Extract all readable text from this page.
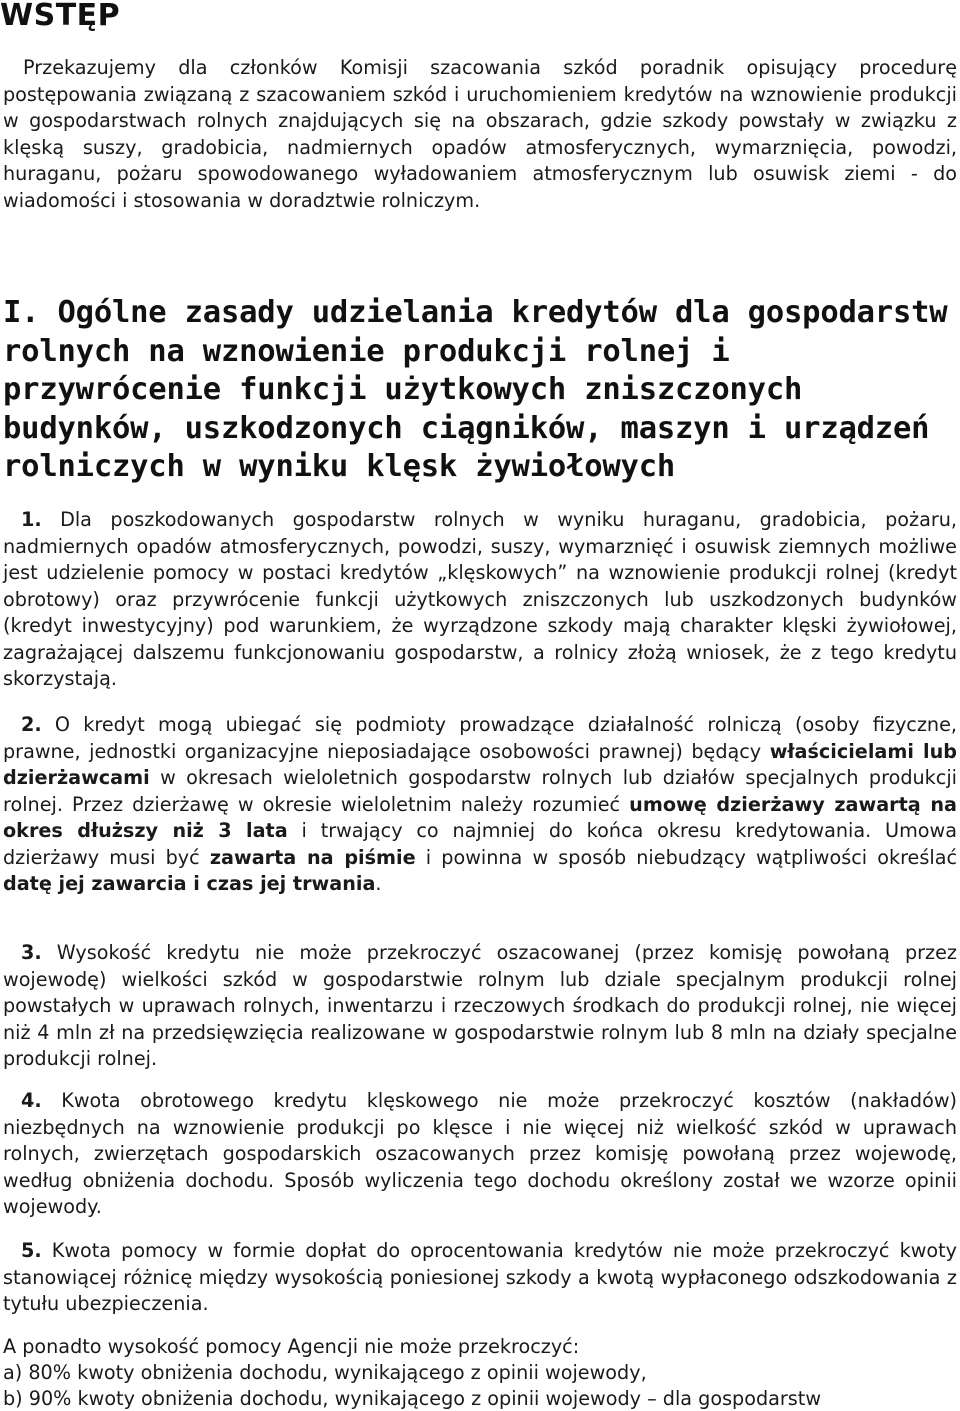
WSTĘP

Przekazujemy dla członków Komisji szacowania szkód poradnik opisujący procedurę postępowania związaną z szacowaniem szkód i uruchomieniem kredytów na wznowienie produkcji w gospodarstwach rolnych znajdujących się na obszarach, gdzie szkody powstały w związku z klęską suszy, gradobicia, nadmiernych opadów atmosferycznych, wymarznięcia, powodzi, huraganu, pożaru spowodowanego wyładowaniem atmosferycznym lub osuwisk ziemi - do wiadomości i stosowania w doradztwie rolniczym.

I. Ogólne zasady udzielania kredytów dla gospodarstw rolnych na wznowienie produkcji rolnej i przywrócenie funkcji użytkowych zniszczonych budynków, uszkodzonych ciągników, maszyn i urządzeń rolniczych w wyniku klęsk żywiołowych

1. Dla poszkodowanych gospodarstw rolnych w wyniku huraganu, gradobicia, pożaru, nadmiernych opadów atmosferycznych, powodzi, suszy, wymarznięć i osuwisk ziemnych możliwe jest udzielenie pomocy w postaci kredytów „klęskowych” na wznowienie produkcji rolnej (kredyt obrotowy) oraz przywrócenie funkcji użytkowych zniszczonych lub uszkodzonych budynków (kredyt inwestycyjny) pod warunkiem, że wyrządzone szkody mają charakter klęski żywiołowej, zagrażającej dalszemu funkcjonowaniu gospodarstw, a rolnicy złożą wniosek, że z tego kredytu skorzystają.

2. O kredyt mogą ubiegać się podmioty prowadzące działalność rolniczą (osoby fizyczne, prawne, jednostki organizacyjne nieposiadające osobowości prawnej) będący właścicielami lub dzierżawcami w okresach wieloletnich gospodarstw rolnych lub działów specjalnych produkcji rolnej. Przez dzierżawę w okresie wieloletnim należy rozumieć umowę dzierżawy zawartą na okres dłuższy niż 3 lata i trwający co najmniej do końca okresu kredytowania. Umowa dzierżawy musi być zawarta na piśmie i powinna w sposób niebudzący wątpliwości określać datę jej zawarcia i czas jej trwania.

3. Wysokość kredytu nie może przekroczyć oszacowanej (przez komisję powołaną przez wojewodę) wielkości szkód w gospodarstwie rolnym lub dziale specjalnym produkcji rolnej powstałych w uprawach rolnych, inwentarzu i rzeczowych środkach do produkcji rolnej, nie więcej niż 4 mln zł na przedsięwzięcia realizowane w gospodarstwie rolnym lub 8 mln na działy specjalne produkcji rolnej.

4. Kwota obrotowego kredytu klęskowego nie może przekroczyć kosztów (nakładów) niezbędnych na wznowienie produkcji po klęsce i nie więcej niż wielkość szkód w uprawach rolnych, zwierzętach gospodarskich oszacowanych przez komisję powołaną przez wojewodę, według obniżenia dochodu. Sposób wyliczenia tego dochodu określony został we wzorze opinii wojewody.

5. Kwota pomocy w formie dopłat do oprocentowania kredytów nie może przekroczyć kwoty stanowiącej różnicę między wysokością poniesionej szkody a kwotą wypłaconego odszkodowania z tytułu ubezpieczenia.

A ponadto wysokość pomocy Agencji nie może przekroczyć:

a) 80% kwoty obniżenia dochodu, wynikającego z opinii wojewody,

b) 90% kwoty obniżenia dochodu, wynikającego z opinii wojewody – dla gospodarstw
